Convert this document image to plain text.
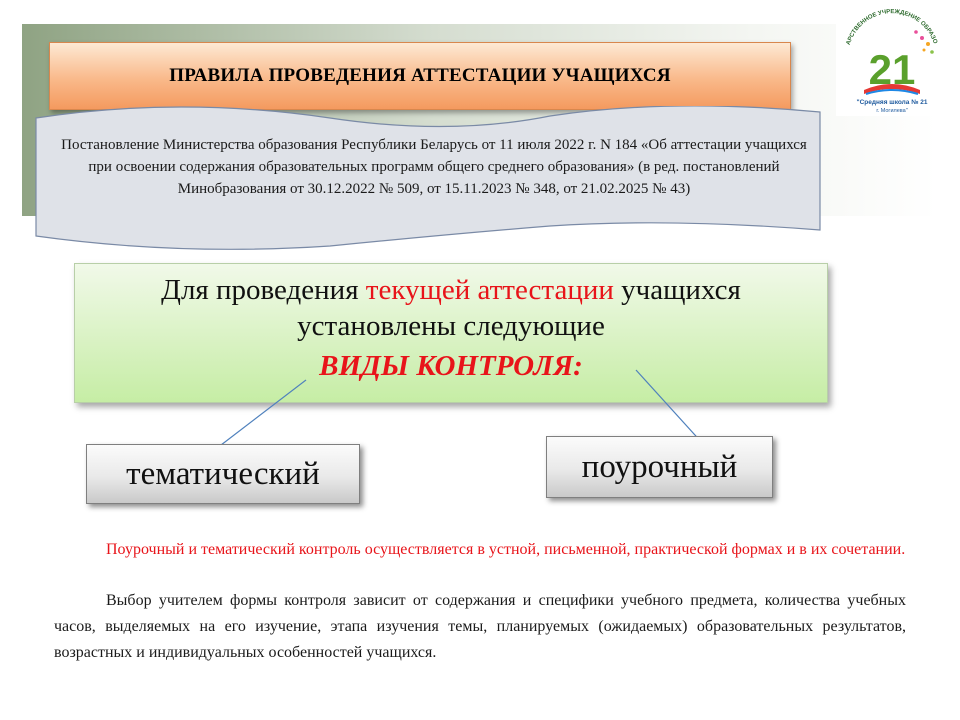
АРСТВЕННОЕ УЧРЕЖДЕНИЕ ОБРАЗО
21
"Средняя школа № 21
г. Могилева"
ПРАВИЛА ПРОВЕДЕНИЯ АТТЕСТАЦИИ УЧАЩИХСЯ
Постановление Министерства образования Республики Беларусь от 11 июля 2022 г. N 184 «Об аттестации учащихся при освоении содержания образовательных программ общего среднего образования» (в ред. постановлений Минобразования от 30.12.2022 № 509, от 15.11.2023 № 348, от 21.02.2025 № 43)
Для проведения текущей аттестации учащихся
установлены следующие
ВИДЫ КОНТРОЛЯ:
тематический	поурочный
Поурочный и тематический контроль осуществляется в устной, письменной, практической формах и в их сочетании.
Выбор учителем формы контроля зависит от содержания и специфики учебного предмета, количества учебных часов, выделяемых на его изучение, этапа изучения темы, планируемых (ожидаемых) образовательных результатов, возрастных и индивидуальных особенностей учащихся.
